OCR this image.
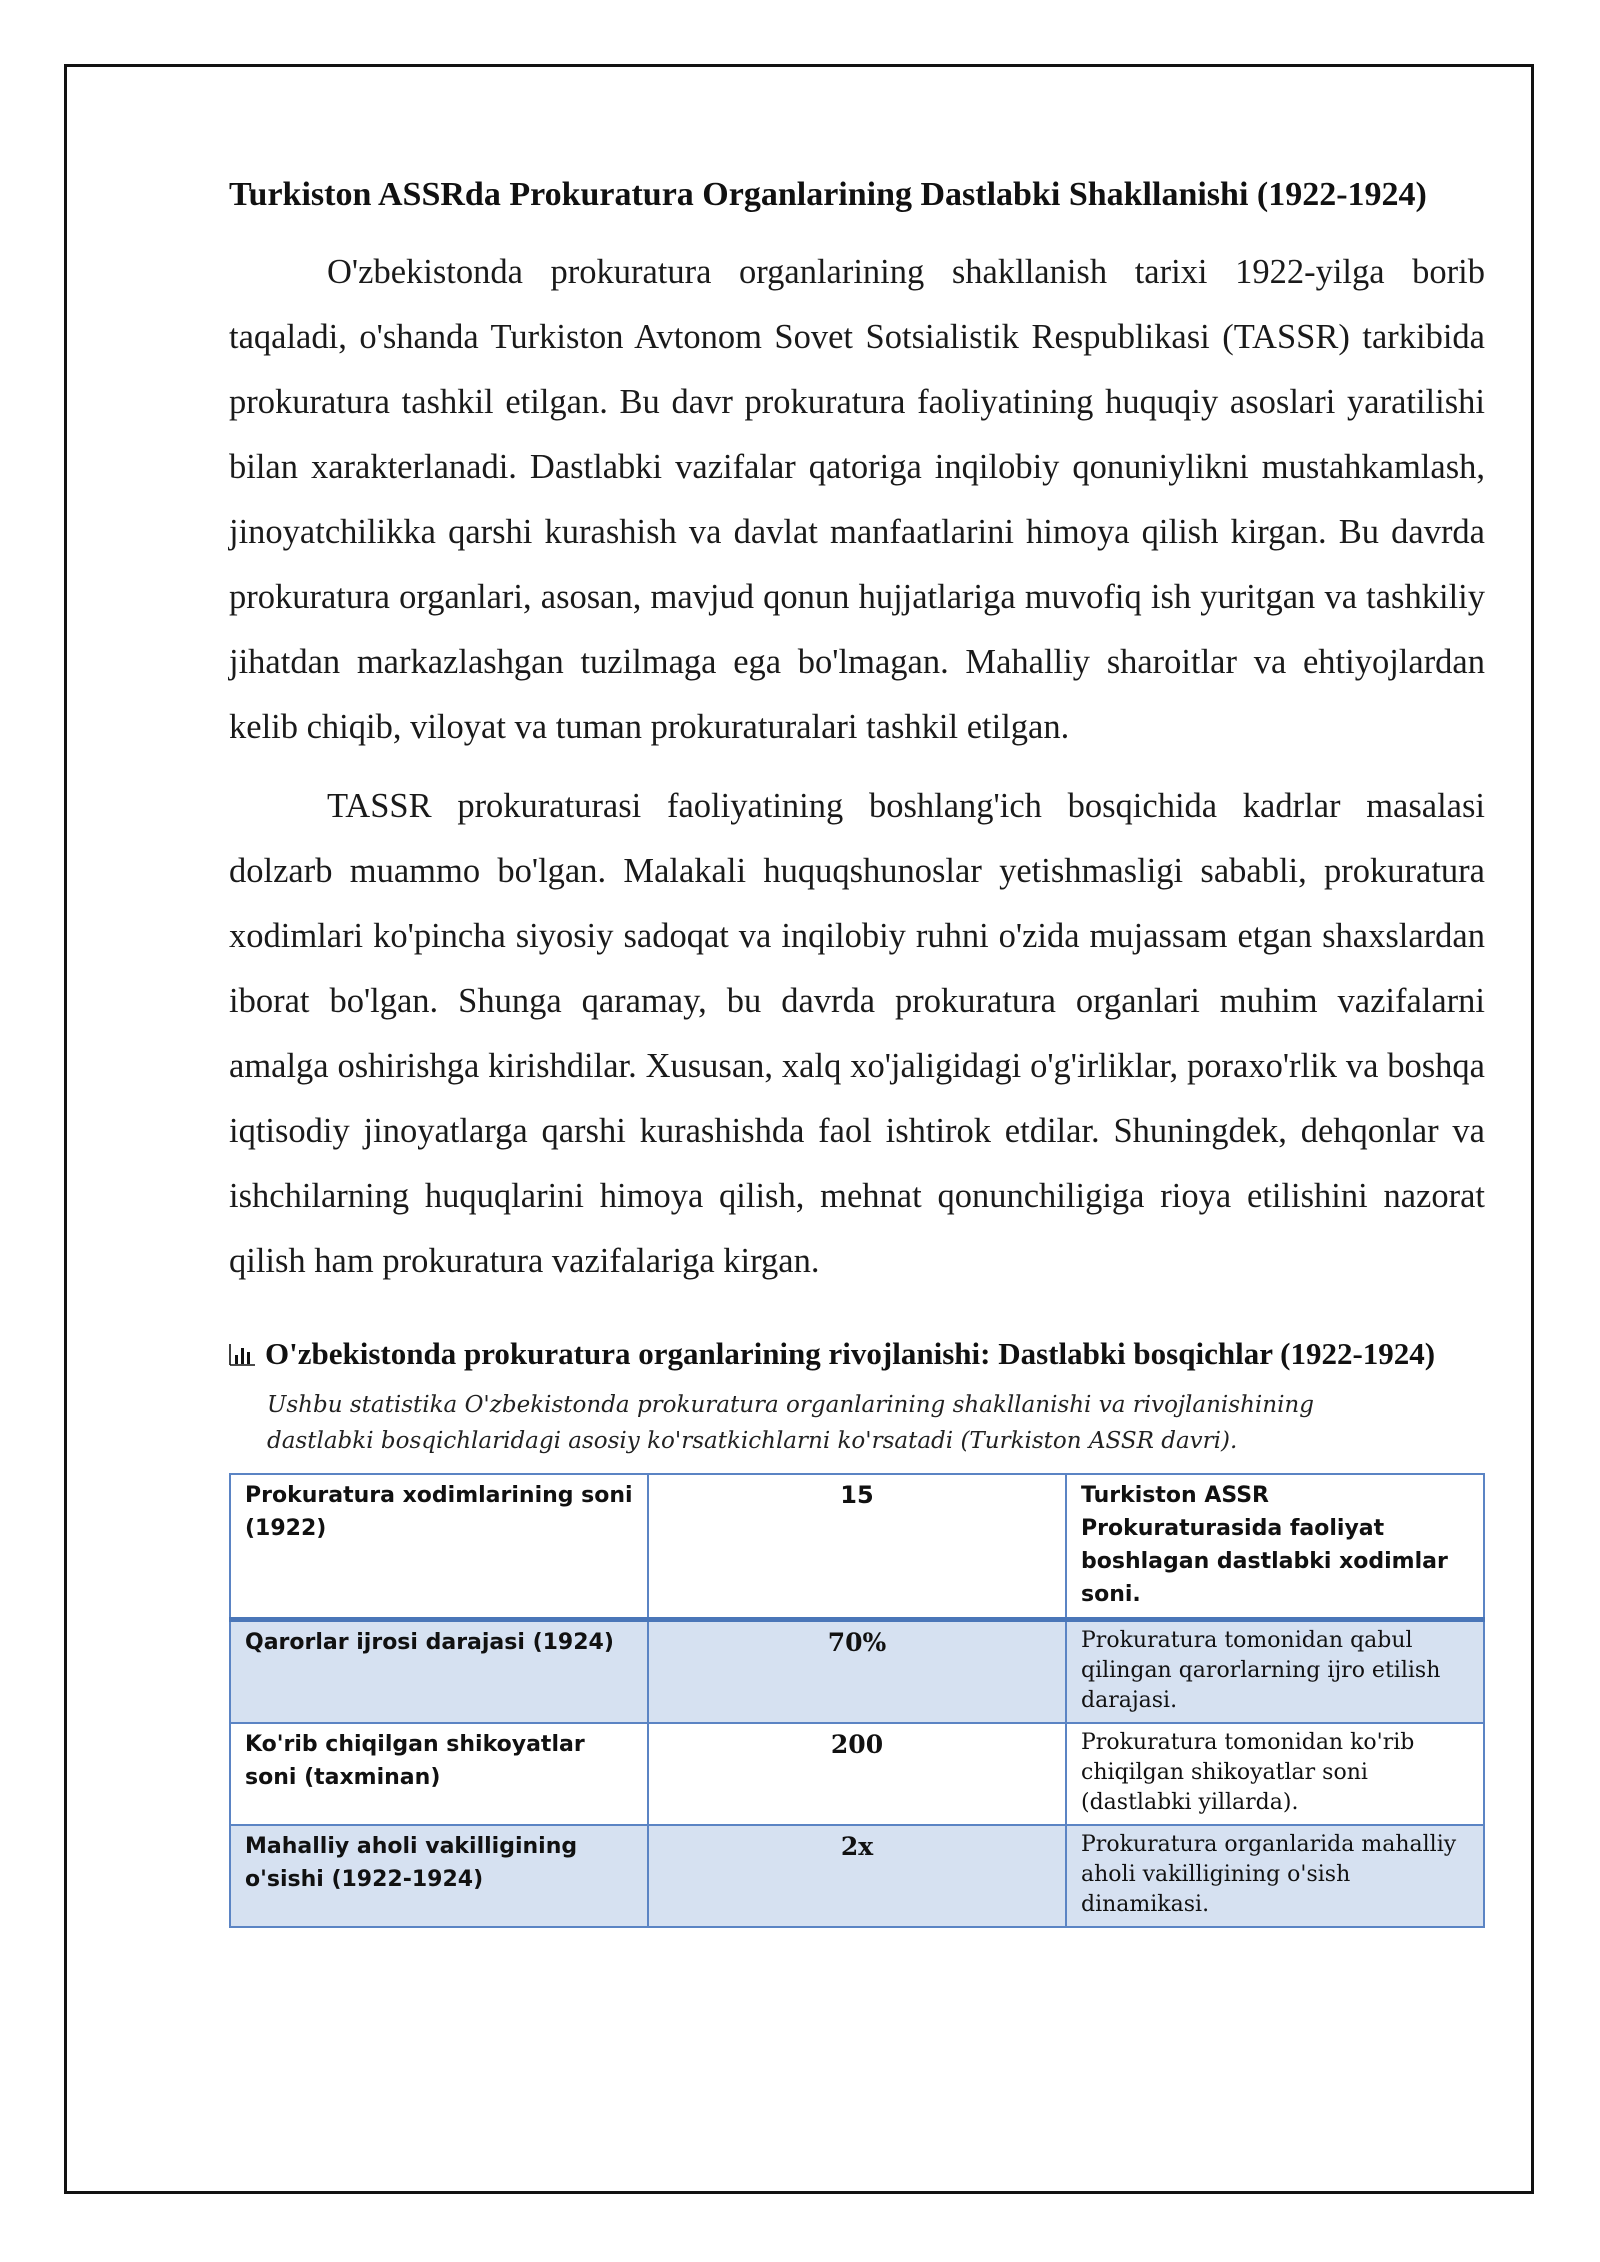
Turkiston ASSRda Prokuratura Organlarining Dastlabki Shakllanishi (1922-1924)

O'zbekistonda prokuratura organlarining shakllanish tarixi 1922-yilga borib taqaladi, o'shanda Turkiston Avtonom Sovet Sotsialistik Respublikasi (TASSR) tarkibida prokuratura tashkil etilgan. Bu davr prokuratura faoliyatining huquqiy asoslari yaratilishi bilan xarakterlanadi. Dastlabki vazifalar qatoriga inqilobiy qonuniylikni mustahkamlash, jinoyatchilikka qarshi kurashish va davlat manfaatlarini himoya qilish kirgan. Bu davrda prokuratura organlari, asosan, mavjud qonun hujjatlariga muvofiq ish yuritgan va tashkiliy jihatdan markazlashgan tuzilmaga ega bo'lmagan. Mahalliy sharoitlar va ehtiyojlardan kelib chiqib, viloyat va tuman prokuraturalari tashkil etilgan.

TASSR prokuraturasi faoliyatining boshlang'ich bosqichida kadrlar masalasi dolzarb muammo bo'lgan. Malakali huquqshunoslar yetishmasligi sababli, prokuratura xodimlari ko'pincha siyosiy sadoqat va inqilobiy ruhni o'zida mujassam etgan shaxslardan iborat bo'lgan. Shunga qaramay, bu davrda prokuratura organlari muhim vazifalarni amalga oshirishga kirishdilar. Xususan, xalq xo'jaligidagi o'g'irliklar, poraxo'rlik va boshqa iqtisodiy jinoyatlarga qarshi kurashishda faol ishtirok etdilar. Shuningdek, dehqonlar va ishchilarning huquqlarini himoya qilish, mehnat qonunchiligiga rioya etilishini nazorat qilish ham prokuratura vazifalariga kirgan.

O'zbekistonda prokuratura organlarining rivojlanishi: Dastlabki bosqichlar (1922-1924)

Ushbu statistika O'zbekistonda prokuratura organlarining shakllanishi va rivojlanishining dastlabki bosqichlaridagi asosiy ko'rsatkichlarni ko'rsatadi (Turkiston ASSR davri).

Prokuratura xodimlarining soni (1922)	15	Turkiston ASSR Prokuraturasida faoliyat boshlagan dastlabki xodimlar soni.
Qarorlar ijrosi darajasi (1924)	70%	Prokuratura tomonidan qabul qilingan qarorlarning ijro etilish darajasi.
Ko'rib chiqilgan shikoyatlar soni (taxminan)	200	Prokuratura tomonidan ko'rib chiqilgan shikoyatlar soni (dastlabki yillarda).
Mahalliy aholi vakilligining o'sishi (1922-1924)	2x	Prokuratura organlarida mahalliy aholi vakilligining o'sish dinamikasi.
